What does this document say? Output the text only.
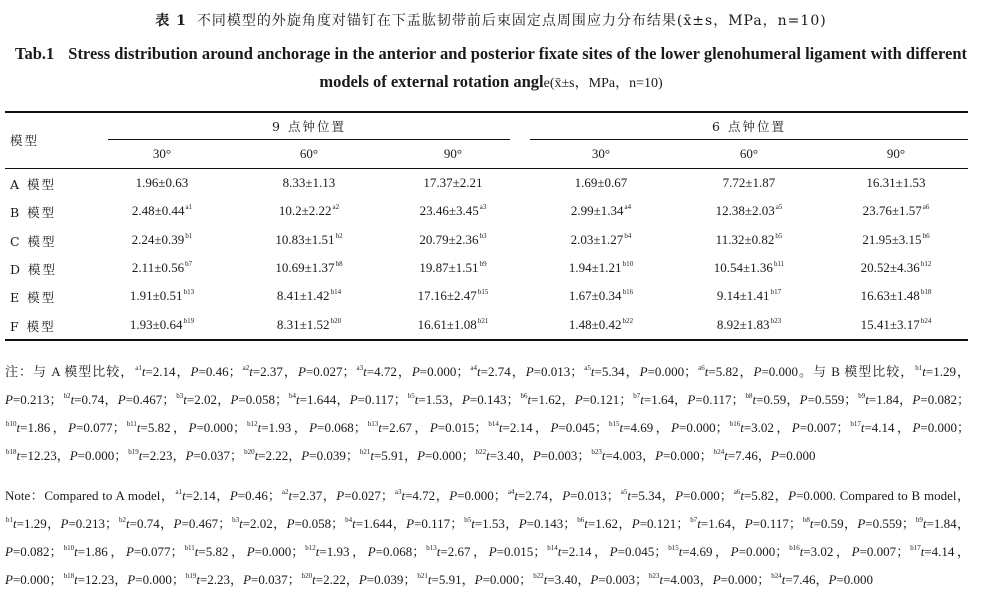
表 1 不同模型的外旋角度对锚钉在下盂肱韧带前后束固定点周围应力分布结果(x̄±s，MPa，n=10)
Tab.1 Stress distribution around anchorage in the anterior and posterior fixate sites of the lower glenohumeral ligament with different models of external rotation angle(x̄±s，MPa，n=10)
模型
9 点钟位置	6 点钟位置
30°	60°	90°	30°	60°	90°
A 模型	1.96±0.63	8.33±1.13	17.37±2.21	1.69±0.67	7.72±1.87	16.31±1.53
B 模型	$2.48\pm 0.44^{a1}$	$10.2\pm 2.22^{a2}$	$23.46\pm 3.45^{a3}$	$2.99\pm 1.34^{a4}$	$12.38\pm 2.03^{a5}$	$23.76\pm 1.57^{a6}$
C 模型	$2.24\pm 0.39^{b1}$	$10.83\pm 1.51^{b2}$	$20.79\pm 2.36^{b3}$	$2.03\pm 1.27^{b4}$	$11.32\pm 0.82^{b5}$	$21.95\pm 3.15^{b6}$
D 模型	$2.11\pm 0.56^{b7}$	$10.69\pm 1.37^{b8}$	$19.87\pm 1.51^{b9}$	$1.94\pm 1.21^{b10}$	$10.54\pm 1.36^{b11}$	$20.52\pm 4.36^{b12}$
E 模型	$1.91\pm 0.51^{b13}$	$8.41\pm 1.42^{b14}$	$17.16\pm 2.47^{b15}$	$1.67\pm 0.34^{b16}$	$9.14\pm 1.41^{b17}$	$16.63\pm 1.48^{b18}$
F 模型	$1.93\pm 0.64^{b19}$	$8.31\pm 1.52^{b20}$	$16.61\pm 1.08^{b21}$	$1.48\pm 0.42^{b22}$	$8.92\pm 1.83^{b23}$	$15.41\pm 3.17^{b24}$
注：与 A 模型比较，$^{a1}$t=2.14，P=0.46；$^{a2}$t=2.37，P=0.027；$^{a3}$t=4.72，P=0.000；$^{a4}$t=2.74，P=0.013；$^{a5}$t=5.34，P=0.000；$^{a6}$t=5.82，P=0.000。与 B 模型比较，$^{b1}$t=1.29，P=0.213；$^{b2}$t=0.74，P=0.467；$^{b3}$t=2.02，P=0.058；$^{b4}$t=1.644，P=0.117；$^{b5}$t=1.53，P=0.143；$^{b6}$t=1.62，P=0.121；$^{b7}$t=1.64，P=0.117；$^{b8}$t=0.59，P=0.559；$^{b9}$t=1.84，P=0.082；$^{b10}$t=1.86，P=0.077；$^{b11}$t=5.82，P=0.000；$^{b12}$t=1.93，P=0.068；$^{b13}$t=2.67，P=0.015；$^{b14}$t=2.14，P=0.045；$^{b15}$t=4.69，P=0.000；$^{b16}$t=3.02，P=0.007；$^{b17}$t=4.14，P=0.000；$^{b18}$t=12.23，P=0.000；$^{b19}$t=2.23，P=0.037；$^{b20}$t=2.22，P=0.039；$^{b21}$t=5.91，P=0.000；$^{b22}$t=3.40，P=0.003；$^{b23}$t=4.003，P=0.000；$^{b24}$t=7.46，P=0.000
Note：Compared to A model，$^{a1}$t=2.14，P=0.46；$^{a2}$t=2.37，P=0.027；$^{a3}$t=4.72，P=0.000；$^{a4}$t=2.74，P=0.013；$^{a5}$t=5.34，P=0.000；$^{a6}$t=5.82，P=0.000. Compared to B model，$^{b1}$t=1.29，P=0.213；$^{b2}$t=0.74，P=0.467；$^{b3}$t=2.02，P=0.058；$^{b4}$t=1.644，P=0.117；$^{b5}$t=1.53，P=0.143；$^{b6}$t=1.62，P=0.121；$^{b7}$t=1.64，P=0.117；$^{b8}$t=0.59，P=0.559；$^{b9}$t=1.84，P=0.082；$^{b10}$t=1.86，P=0.077；$^{b11}$t=5.82，P=0.000；$^{b12}$t=1.93，P=0.068；$^{b13}$t=2.67，P=0.015；$^{b14}$t=2.14，P=0.045；$^{b15}$t=4.69，P=0.000；$^{b16}$t=3.02，P=0.007；$^{b17}$t=4.14，P=0.000；$^{b18}$t=12.23，P=0.000；$^{b19}$t=2.23，P=0.037；$^{b20}$t=2.22，P=0.039；$^{b21}$t=5.91，P=0.000；$^{b22}$t=3.40，P=0.003；$^{b23}$t=4.003，P=0.000；$^{b24}$t=7.46，P=0.000
